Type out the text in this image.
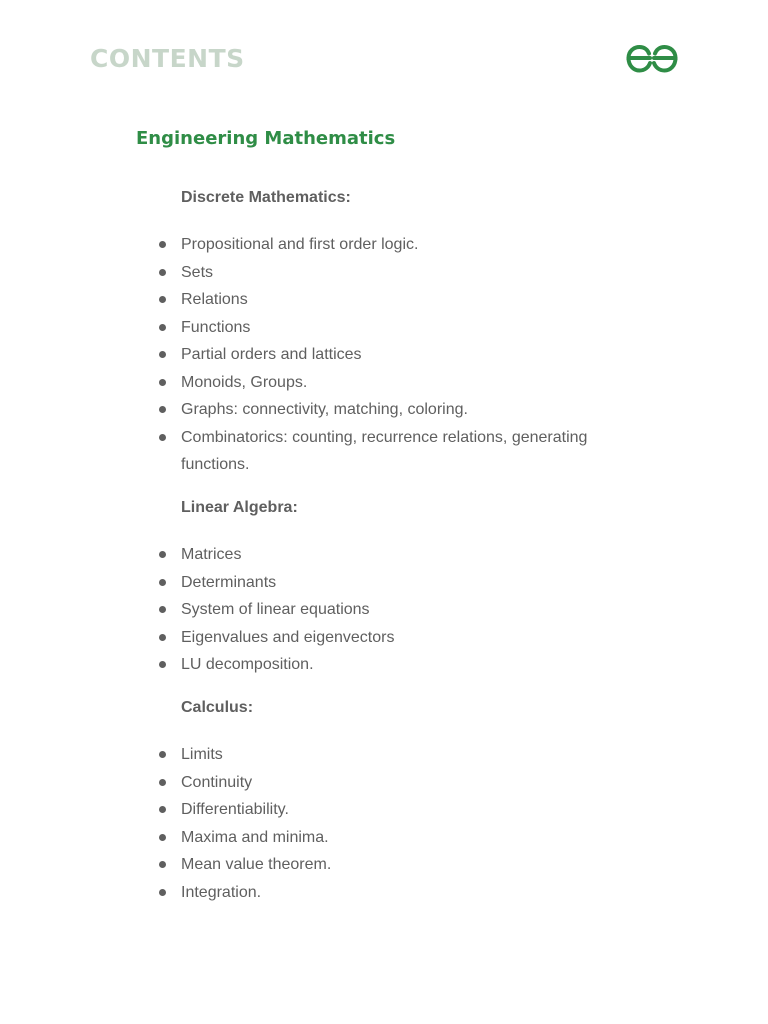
CONTENTS
Engineering Mathematics
Discrete Mathematics:
Propositional and first order logic.
Sets
Relations
Functions
Partial orders and lattices
Monoids, Groups.
Graphs: connectivity, matching, coloring.
Combinatorics: counting, recurrence relations, generating functions.
Linear Algebra:
Matrices
Determinants
System of linear equations
Eigenvalues and eigenvectors
LU decomposition.
Calculus:
Limits
Continuity
Differentiability.
Maxima and minima.
Mean value theorem.
Integration.
